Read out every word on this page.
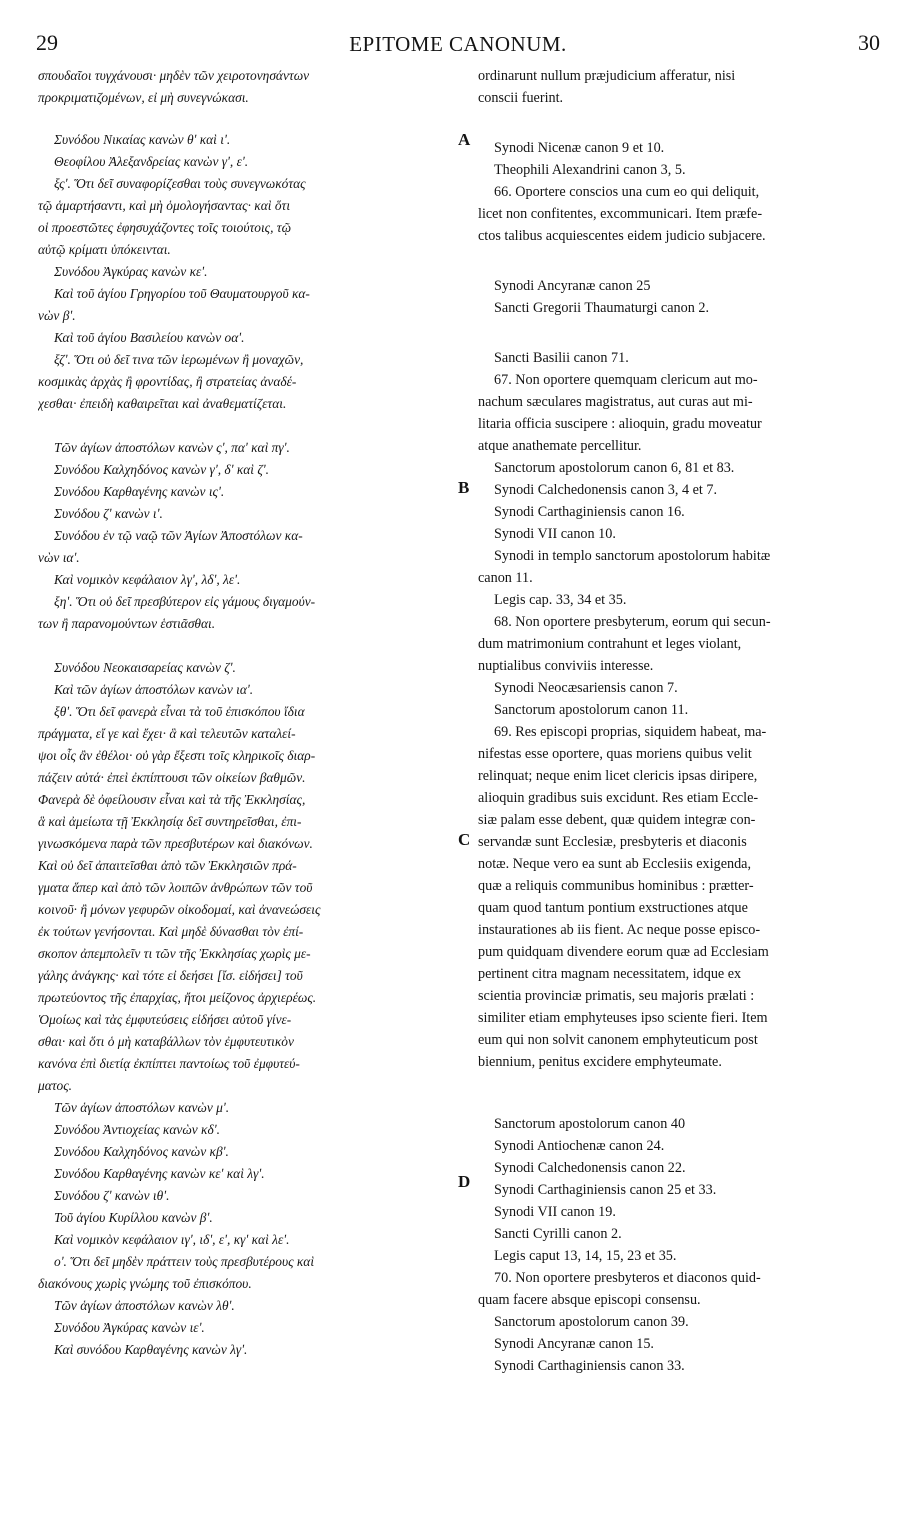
29	EPITOME CANONUM.	30
σπουδαῖοι τυγχάνουσι· μηδὲν τῶν χειροτονησάντων
προκριματιζομένων, εἰ μὴ συνεγνώκασι.
Συνόδου Νικαίας κανὼν θʹ καὶ ιʹ.
Θεοφίλου Ἀλεξανδρείας κανὼν γʹ, εʹ.
ξςʹ. Ὅτι δεῖ συναφορίζεσθαι τοὺς συνεγνωκότας
τῷ ἁμαρτήσαντι, καὶ μὴ ὁμολογήσαντας· καὶ ὅτι
οἱ προεστῶτες ἐφησυχάζοντες τοῖς τοιούτοις, τῷ
αὐτῷ κρίματι ὑπόκεινται.
Συνόδου Ἀγκύρας κανὼν κεʹ.
Καὶ τοῦ ἁγίου Γρηγορίου τοῦ Θαυματουργοῦ κα-
νὼν βʹ.
Καὶ τοῦ ἁγίου Βασιλείου κανὼν οαʹ.
ξζʹ. Ὅτι οὐ δεῖ τινα τῶν ἱερωμένων ἢ μοναχῶν,
κοσμικὰς ἀρχὰς ἢ φροντίδας, ἢ στρατείας ἀναδέ-
χεσθαι· ἐπειδὴ καθαιρεῖται καὶ ἀναθεματίζεται.
Τῶν ἁγίων ἀποστόλων κανὼν ςʹ, παʹ καὶ πγʹ.
Συνόδου Καλχηδόνος κανὼν γʹ, δʹ καὶ ζʹ.
Συνόδου Καρθαγένης κανὼν ιςʹ.
Συνόδου ζʹ κανὼν ιʹ.
Συνόδου ἐν τῷ ναῷ τῶν Ἁγίων Ἀποστόλων κα-
νὼν ιαʹ.
Καὶ νομικὸν κεφάλαιον λγʹ, λδʹ, λεʹ.
ξηʹ. Ὅτι οὐ δεῖ πρεσβύτερον εἰς γάμους διγαμούν-
των ἢ παρανομούντων ἑστιᾶσθαι.
Συνόδου Νεοκαισαρείας κανὼν ζʹ.
Καὶ τῶν ἁγίων ἀποστόλων κανὼν ιαʹ.
ξθʹ. Ὅτι δεῖ φανερὰ εἶναι τὰ τοῦ ἐπισκόπου ἴδια
πράγματα, εἴ γε καὶ ἔχει· ἃ καὶ τελευτῶν καταλεί-
ψοι οἷς ἂν ἐθέλοι· οὐ γὰρ ἔξεστι τοῖς κληρικοῖς διαρ-
πάζειν αὐτά· ἐπεὶ ἐκπίπτουσι τῶν οἰκείων βαθμῶν.
Φανερὰ δὲ ὀφείλουσιν εἶναι καὶ τὰ τῆς Ἐκκλησίας,
ἃ καὶ ἀμείωτα τῇ Ἐκκλησίᾳ δεῖ συντηρεῖσθαι, ἐπι-
γινωσκόμενα παρὰ τῶν πρεσβυτέρων καὶ διακόνων.
Καὶ οὐ δεῖ ἀπαιτεῖσθαι ἀπὸ τῶν Ἐκκλησιῶν πρά-
γματα ἅπερ καὶ ἀπὸ τῶν λοιπῶν ἀνθρώπων τῶν τοῦ
κοινοῦ· ἢ μόνων γεφυρῶν οἰκοδομαί, καὶ ἀνανεώσεις
ἐκ τούτων γενήσονται. Καὶ μηδὲ δύνασθαι τὸν ἐπί-
σκοπον ἀπεμπολεῖν τι τῶν τῆς Ἐκκλησίας χωρὶς με-
γάλης ἀνάγκης· καὶ τότε εἰ δεήσει [ἴσ. εἰδήσει] τοῦ
πρωτεύοντος τῆς ἐπαρχίας, ἤτοι μείζονος ἀρχιερέως.
Ὁμοίως καὶ τὰς ἐμφυτεύσεις εἰδήσει αὐτοῦ γίνε-
σθαι· καὶ ὅτι ὁ μὴ καταβάλλων τὸν ἐμφυτευτικὸν
κανόνα ἐπὶ διετίᾳ ἐκπίπτει παντοίως τοῦ ἐμφυτεύ-
ματος.
Τῶν ἁγίων ἀποστόλων κανὼν μʹ.
Συνόδου Ἀντιοχείας κανὼν κδʹ.
Συνόδου Καλχηδόνος κανὼν κβʹ.
Συνόδου Καρθαγένης κανὼν κεʹ καὶ λγʹ.
Συνόδου ζʹ κανὼν ιθʹ.
Τοῦ ἁγίου Κυρίλλου κανὼν βʹ.
Καὶ νομικὸν κεφάλαιον ιγʹ, ιδʹ, εʹ, κγʹ καὶ λεʹ.
οʹ. Ὅτι δεῖ μηδὲν πράττειν τοὺς πρεσβυτέρους καὶ
διακόνους χωρὶς γνώμης τοῦ ἐπισκόπου.
Τῶν ἁγίων ἀποστόλων κανὼν λθʹ.
Συνόδου Ἀγκύρας κανὼν ιεʹ.
Καὶ συνόδου Καρθαγένης κανὼν λγʹ.
ordinarunt nullum præjudicium afferatur, nisi
conscii fuerint.
Synodi Nicenæ canon 9 et 10.
Theophili Alexandrini canon 3, 5.
66. Oportere conscios una cum eo qui deliquit,
licet non confitentes, excommunicari. Item præfe-
ctos talibus acquiescentes eidem judicio subjacere.
Synodi Ancyranæ canon 25
Sancti Gregorii Thaumaturgi canon 2.
Sancti Basilii canon 71.
67. Non oportere quemquam clericum aut mo-
nachum sæculares magistratus, aut curas aut mi-
litaria officia suscipere : alioquin, gradu moveatur
atque anathemate percellitur.
Sanctorum apostolorum canon 6, 81 et 83.
Synodi Calchedonensis canon 3, 4 et 7.
Synodi Carthaginiensis canon 16.
Synodi VII canon 10.
Synodi in templo sanctorum apostolorum habitæ
canon 11.
Legis cap. 33, 34 et 35.
68. Non oportere presbyterum, eorum qui secun-
dum matrimonium contrahunt et leges violant,
nuptialibus conviviis interesse.
Synodi Neocæsariensis canon 7.
Sanctorum apostolorum canon 11.
69. Res episcopi proprias, siquidem habeat, ma-
nifestas esse oportere, quas moriens quibus velit
relinquat; neque enim licet clericis ipsas diripere,
alioquin gradibus suis excidunt. Res etiam Eccle-
siæ palam esse debent, quæ quidem integræ con-
servandæ sunt Ecclesiæ, presbyteris et diaconis
notæ. Neque vero ea sunt ab Ecclesiis exigenda,
quæ a reliquis communibus hominibus : prætter-
quam quod tantum pontium exstructiones atque
instaurationes ab iis fient. Ac neque posse episco-
pum quidquam divendere eorum quæ ad Ecclesiam
pertinent citra magnam necessitatem, idque ex
scientia provinciæ primatis, seu majoris prælati :
similiter etiam emphyteuses ipso sciente fieri. Item
eum qui non solvit canonem emphyteuticum post
biennium, penitus excidere emphyteumate.
Sanctorum apostolorum canon 40
Synodi Antiochenæ canon 24.
Synodi Calchedonensis canon 22.
Synodi Carthaginiensis canon 25 et 33.
Synodi VII canon 19.
Sancti Cyrilli canon 2.
Legis caput 13, 14, 15, 23 et 35.
70. Non oportere presbyteros et diaconos quid-
quam facere absque episcopi consensu.
Sanctorum apostolorum canon 39.
Synodi Ancyranæ canon 15.
Synodi Carthaginiensis canon 33.
A
B
C
D
